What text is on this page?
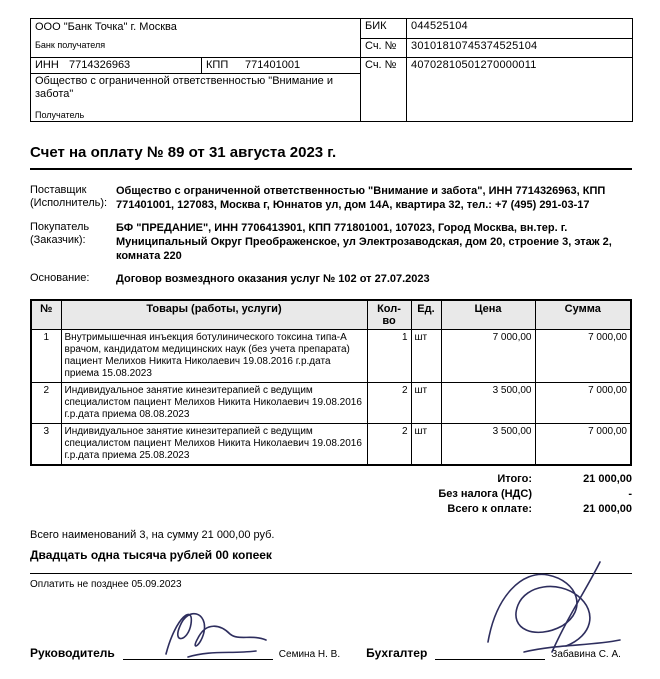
ООО "Банк Точка" г. Москва
Банк получателя	БИК	044525104
	Сч. №	30101810745374525104

ИНН 7714326963 КПП 771401001	Сч. №	40702810501270000011

Общество с ограниченной ответственностью "Внимание и забота"
Получатель		
Счет на оплату № 89 от 31 августа 2023 г.
Поставщик
(Исполнитель):
Общество с ограниченной ответственностью "Внимание и забота", ИНН 7714326963, КПП 771401001, 127083, Москва г, Юннатов ул, дом 14А, квартира 32, тел.: +7 (495) 291-03-17
Покупатель
(Заказчик):
БФ "ПРЕДАНИЕ", ИНН 7706413901, КПП 771801001, 107023, Город Москва, вн.тер. г. Муниципальный Округ Преображенское, ул Электрозаводская, дом 20, строение 3, этаж 2, комната 220
Основание:	Договор возмездного оказания услуг № 102 от 27.07.2023
№	Товары (работы, услуги)	Кол-во	Ед.	Цена	Сумма
1	Внутримышечная инъекция ботулинического токсина типа-А врачом, кандидатом медицинских наук (без учета препарата) пациент Мелихов Никита Николаевич 19.08.2016 г.р.дата приема 15.08.2023	1	шт	7 000,00	7 000,00
2	Индивидуальное занятие кинезитерапией с ведущим специалистом пациент Мелихов Никита Николаевич 19.08.2016 г.р.дата приема 08.08.2023	2	шт	3 500,00	7 000,00
3	Индивидуальное занятие кинезитерапией с ведущим специалистом пациент Мелихов Никита Николаевич 19.08.2016 г.р.дата приема 25.08.2023	2	шт	3 500,00	7 000,00
Итого:	21 000,00
Без налога (НДС)	-
Всего к оплате:	21 000,00
Всего наименований 3, на сумму 21 000,00 руб.
Двадцать одна тысяча рублей 00 копеек
Оплатить не позднее 05.09.2023
Руководитель	Семина Н. В. Бухгалтер	Забавина С. А.
